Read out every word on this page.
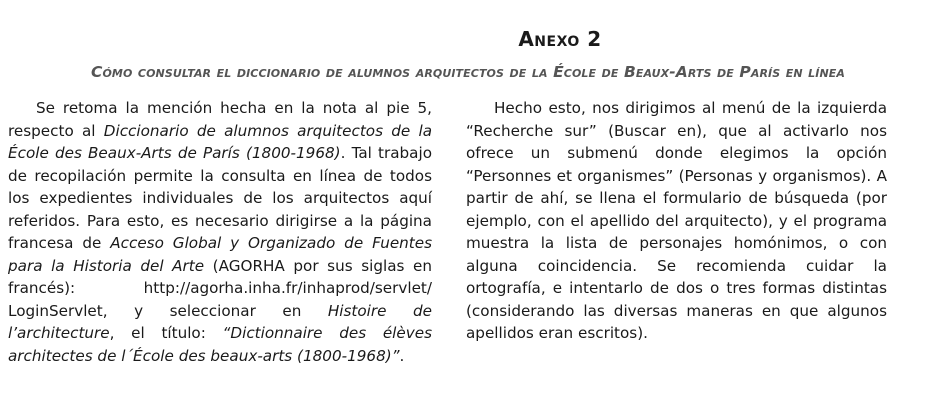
Anexo 2
Cómo consultar el diccionario de alumnos arquitectos de la École de Beaux-Arts de París en línea

Se retoma la mención hecha en la nota al pie 5, respecto al Diccionario de alumnos arquitectos de la École des Beaux-Arts de París (1800-1968). Tal trabajo de recopilación permite la consulta en línea de todos los expedientes individuales de los arquitectos aquí referidos. Para esto, es necesario dirigirse a la página francesa de Acceso Global y Organizado de Fuentes para la Historia del Arte (AGORHA por sus siglas en francés): http://agorha.inha.fr/inhaprod/servlet/ LoginServlet, y seleccionar en Histoire de l’architecture, el título: “Dictionnaire des élèves architectes de l´École des beaux-arts (1800-1968)”.

Hecho esto, nos dirigimos al menú de la izquierda “Recherche sur” (Buscar en), que al activarlo nos ofrece un submenú donde elegimos la opción “Personnes et organismes” (Personas y organismos). A partir de ahí, se llena el formulario de búsqueda (por ejemplo, con el apellido del arquitecto), y el programa muestra la lista de personajes homónimos, o con alguna coincidencia. Se recomienda cuidar la ortografía, e intentarlo de dos o tres formas distintas (considerando las diversas maneras en que algunos apellidos eran escritos).
